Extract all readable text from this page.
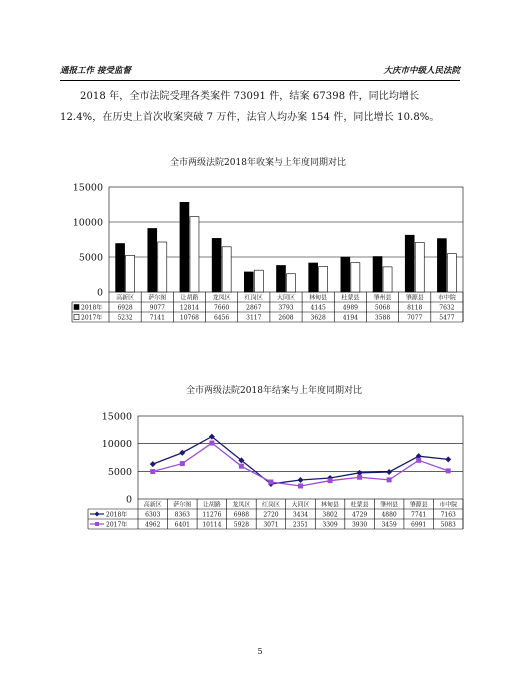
通报工作 接受监督	大庆市中级人民法院

2018 年，全市法院受理各类案件 73091 件，结案 67398 件，同比均增长 12.4%，在历史上首次收案突破 7 万件，法官人均办案 154 件，同比增长 10.8%。

全市两级法院2018年收案与上年度同期对比
0
5000
10000
15000
高新区
6928
5232
萨尔图
9077
7141
让胡路
12814
10768
龙凤区
7660
6456
红岗区
2867
3117
大同区
3793
2608
林甸县
4145
3628
杜蒙县
4989
4194
肇州县
5068
3588
肇源县
8118
7077
市中院
7632
5477
2018年
2017年
全市两级法院2018年结案与上年度同期对比
0
5000
10000
15000
高新区
6303
4962
萨尔图
8363
6401
让胡路
11276
10114
龙凤区
6988
5928
红岗区
2720
3071
大同区
3434
2351
林甸县
3802
3309
杜蒙县
4729
3930
肇州县
4880
3459
肇源县
7741
6991
市中院
7163
5083
2018年
2017年
5
